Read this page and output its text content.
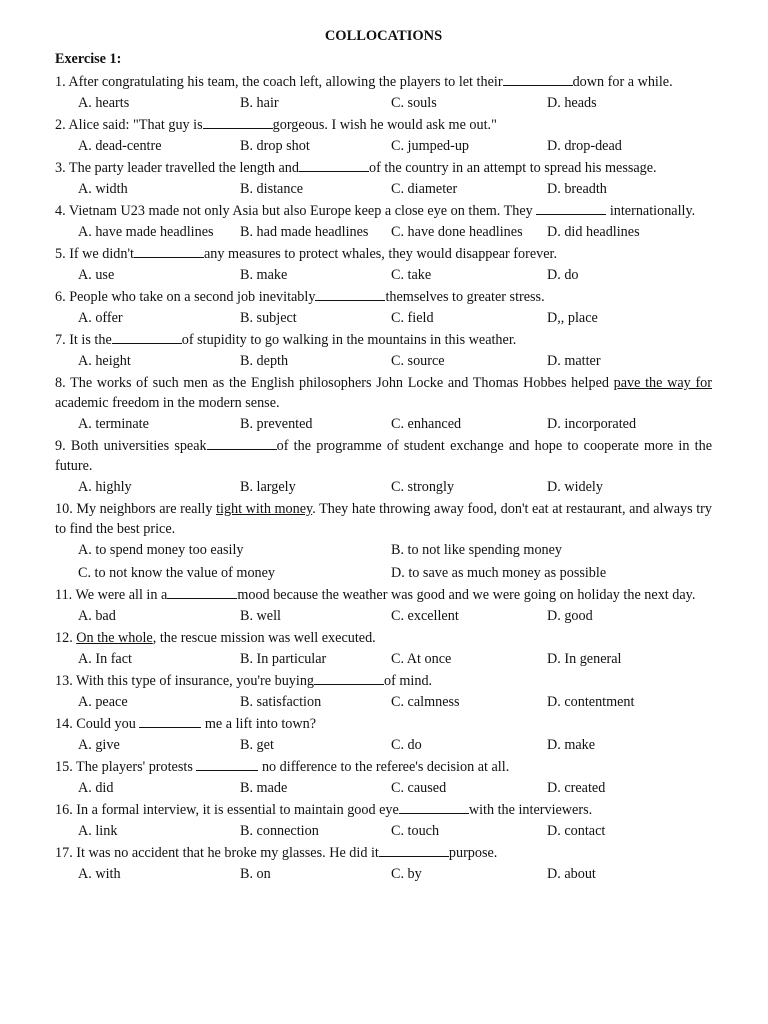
COLLOCATIONS
Exercise 1:

1. After congratulating his team, the coach left, allowing the players to let their	down for a while.

A. hearts	B. hair	C. souls	D. heads

2. Alice said: "That guy is	gorgeous. I wish he would ask me out."

A. dead-centre	B. drop shot	C. jumped-up	D. drop-dead

3. The party leader travelled the length and	of the country in an attempt to spread his message.

A. width	B. distance	C. diameter	D. breadth

4. Vietnam U23 made not only Asia but also Europe keep a close eye on them. They	internationally.

A. have made headlines	B. had made headlines	C. have done headlines	D. did headlines

5. If we didn't	any measures to protect whales, they would disappear forever.

A. use	B. make	C. take	D. do

6. People who take on a second job inevitably	themselves to greater stress.

A. offer	B. subject	C. field	D,, place

7. It is the	of stupidity to go walking in the mountains in this weather.

A. height	B. depth	C. source	D. matter

8. The works of such men as the English philosophers John Locke and Thomas Hobbes helped pave the way for academic freedom in the modern sense.

A. terminate	B. prevented	C. enhanced	D. incorporated

9. Both universities speak	of the programme of student exchange and hope to cooperate more in the future.

A. highly	B. largely	C. strongly	D. widely

10. My neighbors are really tight with money. They hate throwing away food, don't eat at restaurant, and always try to find the best price.

A. to spend money too easily	B. to not like spending money
C. to not know the value of money	D. to save as much money as possible

11. We were all in a	mood because the weather was good and we were going on holiday the next day.

A. bad	B. well	C. excellent	D. good

12. On the whole, the rescue mission was well executed.

A. In fact	B. In particular	C. At once	D. In general

13. With this type of insurance, you're buying	of mind.

A. peace	B. satisfaction	C. calmness	D. contentment

14. Could you	me a lift into town?

A. give	B. get	C. do	D. make

15. The players' protests	no difference to the referee's decision at all.

A. did	B. made	C. caused	D. created

16. In a formal interview, it is essential to maintain good eye	with the interviewers.

A. link	B. connection	C. touch	D. contact

17. It was no accident that he broke my glasses. He did it	purpose.

A. with	B. on	C. by	D. about
